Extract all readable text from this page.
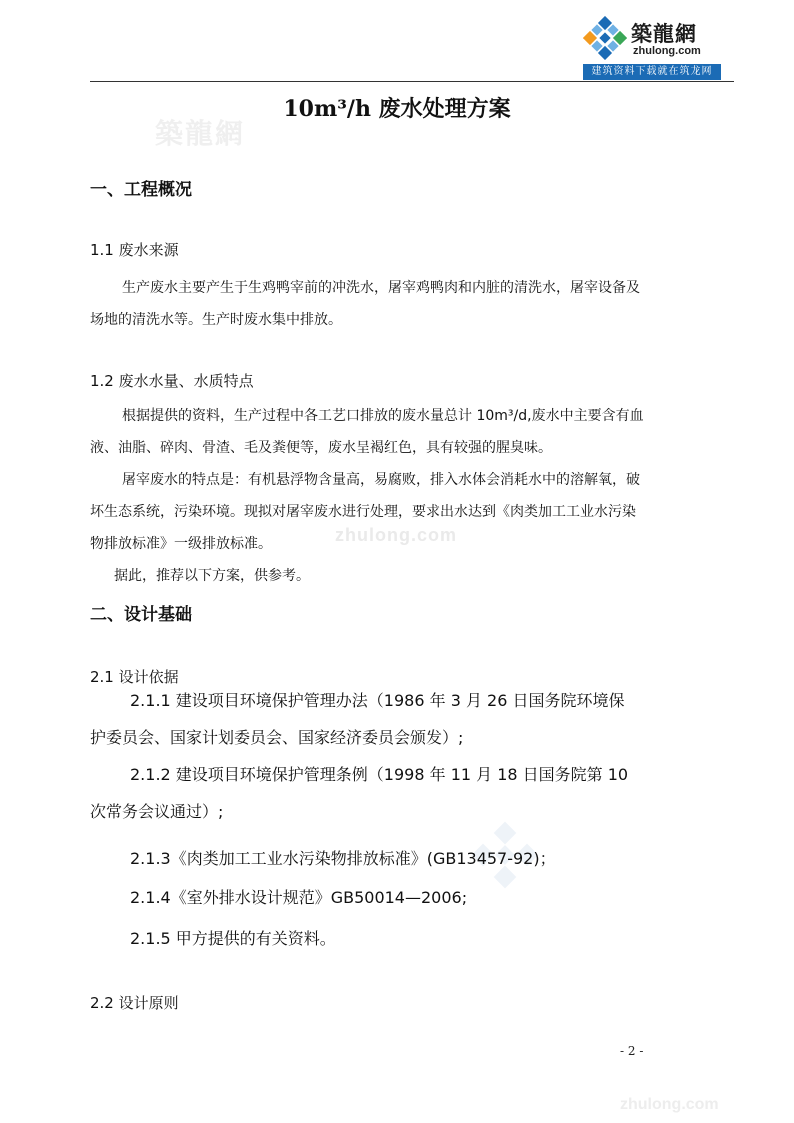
築龍網
zhulong.com
建筑资料下载就在筑龙网
築龍網
zhulong.com
zhulong.com
10m³/h 废水处理方案
一、工程概况
1.1 废水来源
生产废水主要产生于生鸡鸭宰前的冲洗水，屠宰鸡鸭肉和内脏的清洗水，屠宰设备及
场地的清洗水等。生产时废水集中排放。
1.2 废水水量、水质特点
根据提供的资料，生产过程中各工艺口排放的废水量总计 10m³/d,废水中主要含有血
液、油脂、碎肉、骨渣、毛及粪便等，废水呈褐红色，具有较强的腥臭味。
屠宰废水的特点是：有机悬浮物含量高，易腐败，排入水体会消耗水中的溶解氧，破
坏生态系统，污染环境。现拟对屠宰废水进行处理，要求出水达到《肉类加工工业水污染
物排放标准》一级排放标准。
据此，推荐以下方案，供参考。
二、设计基础
2.1 设计依据
2.1.1 建设项目环境保护管理办法（1986 年 3 月 26 日国务院环境保
护委员会、国家计划委员会、国家经济委员会颁发）;
2.1.2 建设项目环境保护管理条例（1998 年 11 月 18 日国务院第 10
次常务会议通过）;
2.1.3《肉类加工工业水污染物排放标准》(GB13457-92)；
2.1.4《室外排水设计规范》GB50014—2006;
2.1.5 甲方提供的有关资料。
2.2 设计原则
- 2 -
